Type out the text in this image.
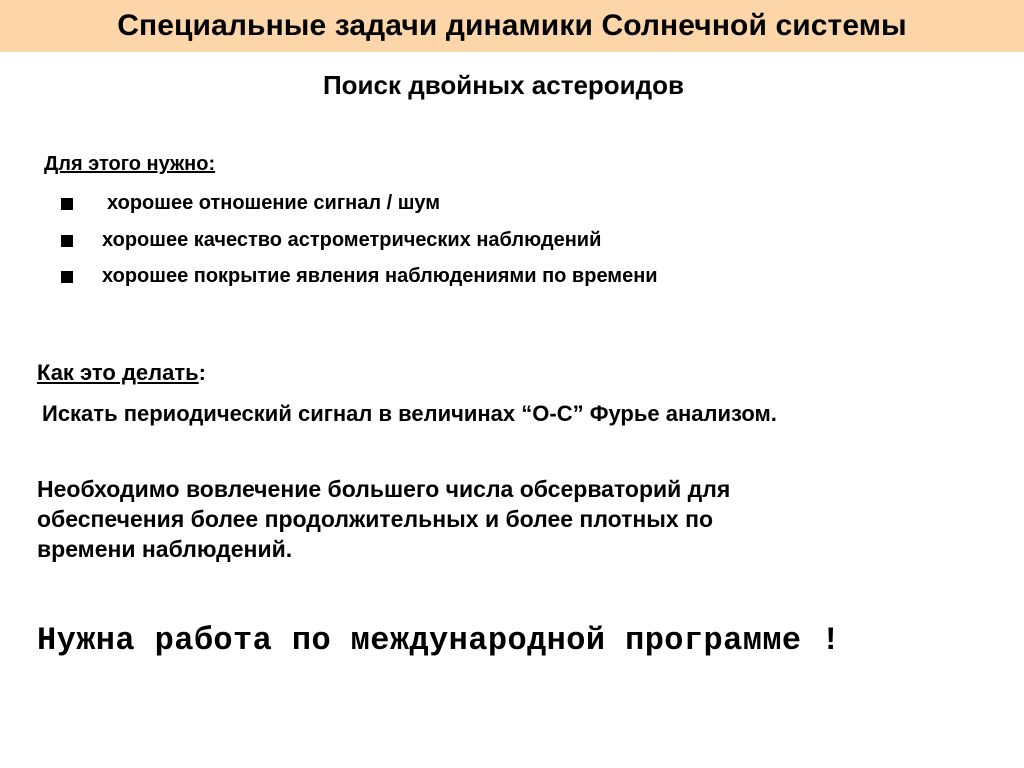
Специальные задачи динамики Солнечной системы
Поиск двойных астероидов
Для этого нужно:
хорошее отношение сигнал / шум
хорошее качество астрометрических наблюдений
хорошее покрытие явления наблюдениями по времени
Как это делать:
Искать периодический сигнал в величинах “О-С” Фурье анализом.

Необходимо вовлечение большего числа обсерваторий для
обеспечения более продолжительных и более плотных по
времени наблюдений.

Нужна работа по международной программе !
